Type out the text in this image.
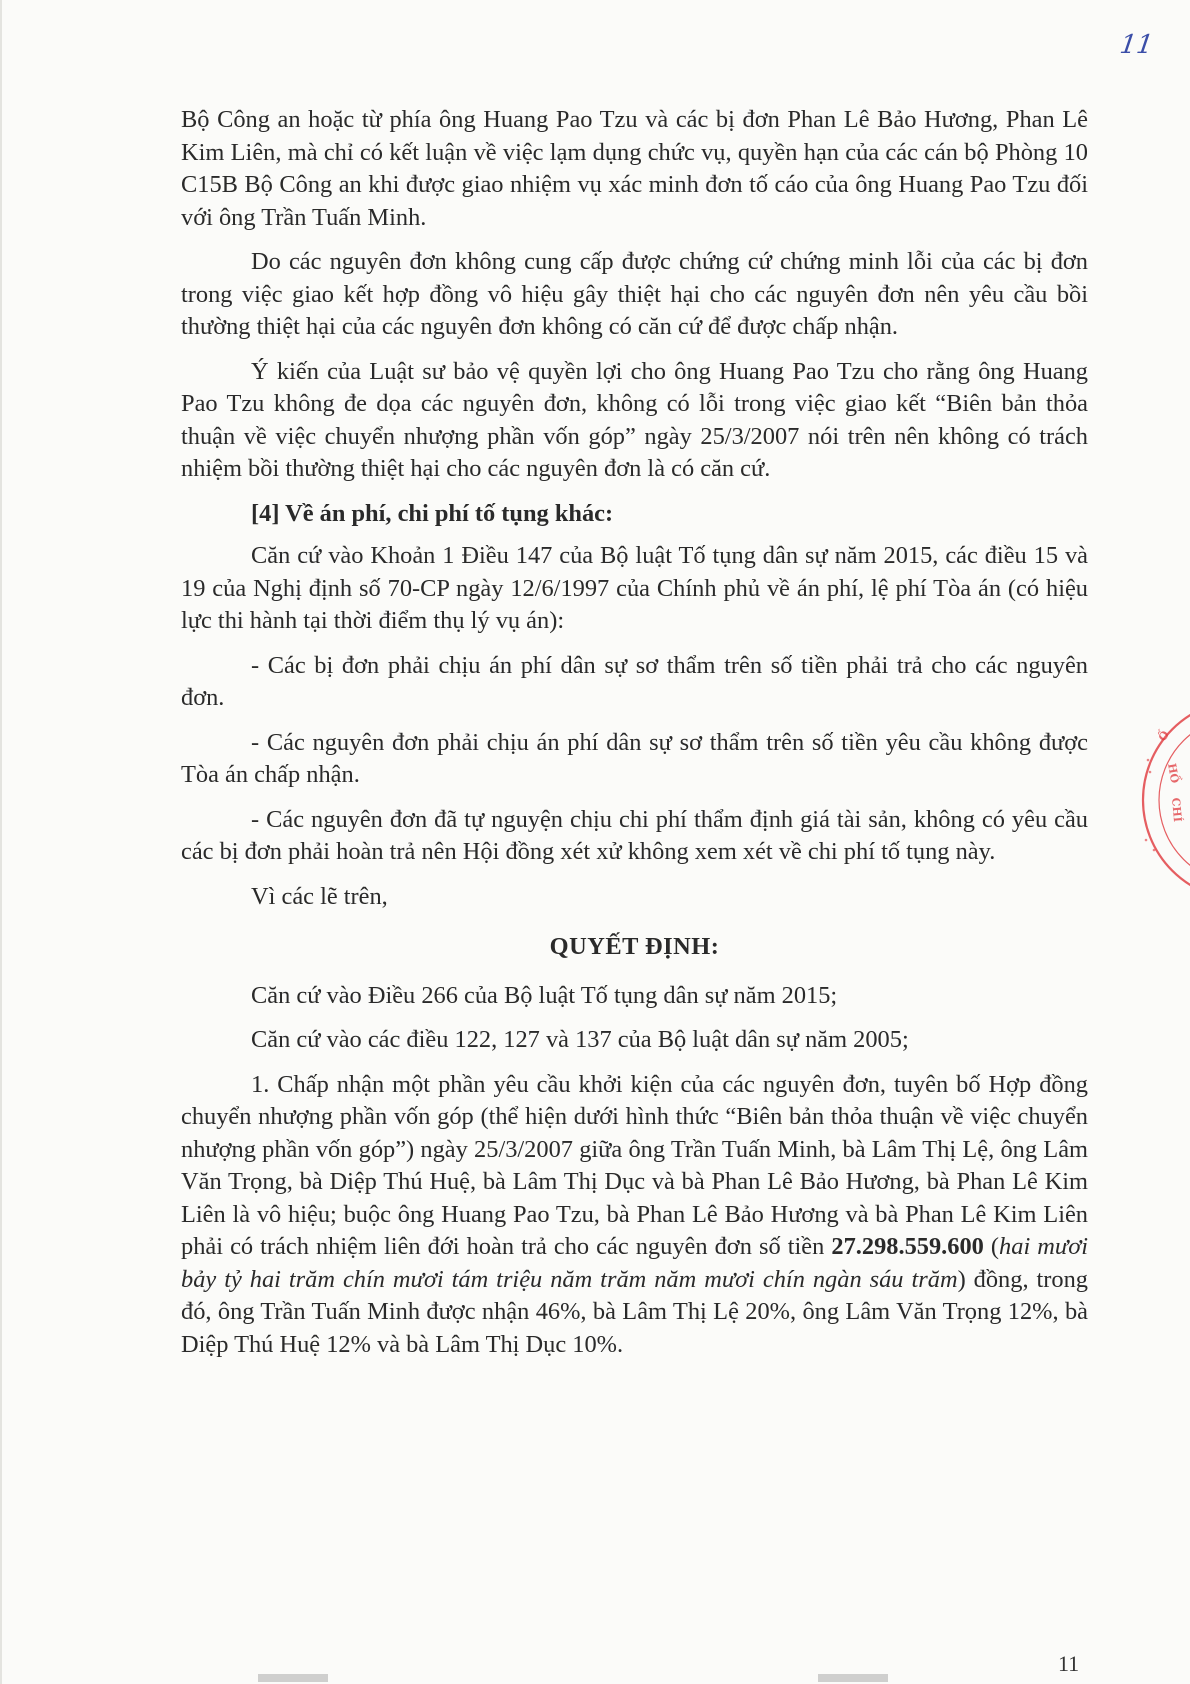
11

Bộ Công an hoặc từ phía ông Huang Pao Tzu và các bị đơn Phan Lê Bảo Hương, Phan Lê Kim Liên, mà chỉ có kết luận về việc lạm dụng chức vụ, quyền hạn của các cán bộ Phòng 10 C15B Bộ Công an khi được giao nhiệm vụ xác minh đơn tố cáo của ông Huang Pao Tzu đối với ông Trần Tuấn Minh.

Do các nguyên đơn không cung cấp được chứng cứ chứng minh lỗi của các bị đơn trong việc giao kết hợp đồng vô hiệu gây thiệt hại cho các nguyên đơn nên yêu cầu bồi thường thiệt hại của các nguyên đơn không có căn cứ để được chấp nhận.

Ý kiến của Luật sư bảo vệ quyền lợi cho ông Huang Pao Tzu cho rằng ông Huang Pao Tzu không đe dọa các nguyên đơn, không có lỗi trong việc giao kết “Biên bản thỏa thuận về việc chuyển nhượng phần vốn góp” ngày 25/3/2007 nói trên nên không có trách nhiệm bồi thường thiệt hại cho các nguyên đơn là có căn cứ.

[4] Về án phí, chi phí tố tụng khác:

Căn cứ vào Khoản 1 Điều 147 của Bộ luật Tố tụng dân sự năm 2015, các điều 15 và 19 của Nghị định số 70-CP ngày 12/6/1997 của Chính phủ về án phí, lệ phí Tòa án (có hiệu lực thi hành tại thời điểm thụ lý vụ án):

- Các bị đơn phải chịu án phí dân sự sơ thẩm trên số tiền phải trả cho các nguyên đơn.

- Các nguyên đơn phải chịu án phí dân sự sơ thẩm trên số tiền yêu cầu không được Tòa án chấp nhận.

- Các nguyên đơn đã tự nguyện chịu chi phí thẩm định giá tài sản, không có yêu cầu các bị đơn phải hoàn trả nên Hội đồng xét xử không xem xét về chi phí tố tụng này.

Vì các lẽ trên,

QUYẾT ĐỊNH:

Căn cứ vào Điều 266 của Bộ luật Tố tụng dân sự năm 2015;

Căn cứ vào các điều 122, 127 và 137 của Bộ luật dân sự năm 2005;

1. Chấp nhận một phần yêu cầu khởi kiện của các nguyên đơn, tuyên bố Hợp đồng chuyển nhượng phần vốn góp (thể hiện dưới hình thức “Biên bản thỏa thuận về việc chuyển nhượng phần vốn góp”) ngày 25/3/2007 giữa ông Trần Tuấn Minh, bà Lâm Thị Lệ, ông Lâm Văn Trọng, bà Diệp Thú Huệ, bà Lâm Thị Dục và bà Phan Lê Bảo Hương, bà Phan Lê Kim Liên là vô hiệu; buộc ông Huang Pao Tzu, bà Phan Lê Bảo Hương và bà Phan Lê Kim Liên phải có trách nhiệm liên đới hoàn trả cho các nguyên đơn số tiền 27.298.559.600 (hai mươi bảy tỷ hai trăm chín mươi tám triệu năm trăm năm mươi chín ngàn sáu trăm) đồng, trong đó, ông Trần Tuấn Minh được nhận 46%, bà Lâm Thị Lệ 20%, ông Lâm Văn Trọng 12%, bà Diệp Thú Huệ 12% và bà Lâm Thị Dục 10%.

Ố
HỒ
CHÍ
11
